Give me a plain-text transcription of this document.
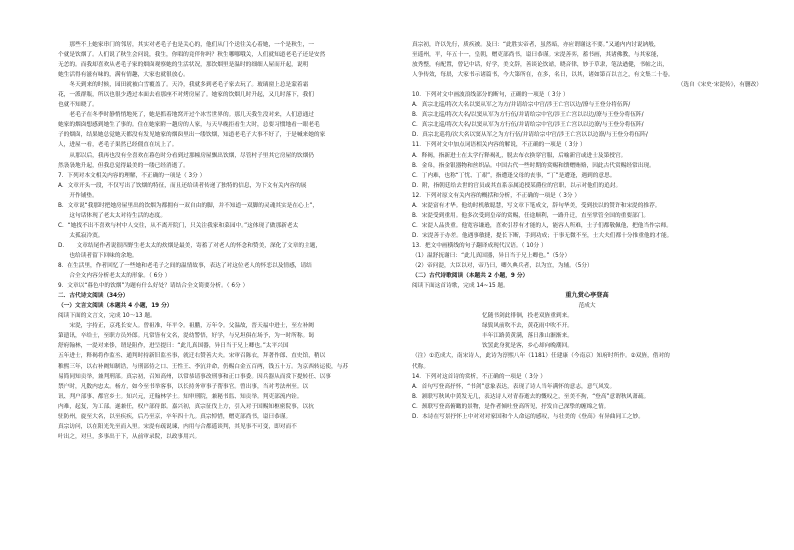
那些不上她家串门的邻居，其实对老毛子也是关心的，他们从门个送往关心着她，一个是秋生，一
个就是饮烟了。人们说了秋生会问说，我生，你唱的竟伴你吗？秋生哪哪哦关，人们就知道老毛子还是安然
无恙的。而我却喜欢从老毛子家的烟囱观察她的生活状况，那饮烟里是温时的细细人屋而开起，说明
她生活得有滋有味的，满有情趣，大家也就很放心。
冬天到来的时候，园田就被白雪覆盖了。天冷，我就多到老毛子家去玩了。玻璃窗上总是蒙着霜
花，一派群瓶，所以也很少透过本面去看那座不对烤房屋了。她家的饮烟几时升起，又几时落下，我们
也就不知晓了。
老毛子在冬季时静悄悄地死了，她是抓着地窝开过个冰雪世界的。那几天我生没对来，人们意通过
她家的烟囱想感到她生了事的。住在她家附一趟房的人家，与天早晚拒看生大时，总要习惯地看一眼老毛
子的烟囱，结果她总觉她天都没有发见她家的烟囱里出一缕饮烟，知道老毛子大事不好了，于是喊来她的家
人，进屋一看，老毛子果然已经僵直在坑上了。
从那以后，我再也没有全喜欢在暮色时分看到过那幢房屋飘出饮烟，尽管村子里其它房屋的饮烟仍
然袅袅地升起，但我总觉得最美的一缕已经消逝了。
7．下列对本文相关内容的理解，不正确的一项是（ 3分 ）
A．文章开头一段，不仅写出了饮烟的特征，而且还给读者传递了独特的信息，为下文有关内容的展
　　开作铺垫。
B．文章说“我那时把她房屋里出的饮烟为都拥有一双自由的脚，并不知道一双脚的灵魂其实是在心上”，
　　这句话体现了老太太对待生活的态度。
C．“她找不出不喜欢与村中人交往，从不离开院门，只关注我家和菜园中。”这体现了做那新老太
　　太孤寂冷寞。
D．　　文章结尾作者说很四野生老太太的炊烟是最美，寄蓄了对老人的怀念和赞美，深化了文章的主题，
　　也给读者留下回味的余地。
8．在生活里，作者回忆了一些她和老毛子之间的温情故事，表达了对这位老人的怀恋以及情感，请结
　　合全文内容分析老太太的形象。（ 6分 ）
9．文章以“暮色中的饮烟”为题有什么好处？请结合全文简要分析。（ 6分 ）
二．古代诗文阅读（34分）
（一）文言文阅读（本题共 4 小题，19 分）
阅读下面的文言文，完成 10～13 题。
宋湜，字持正，京兆长安人。曾祖准，年平令。祖鹏，万年令。父温故，晋天福中进士，至左补阙
第遗讯，卒给士，至职方员外郎。凡常皆有文名，湜幼警悟，好学，与兄坦俱在场予，为一时所称。谒
舒府翰林，一湜对来侈，谓是阻作，进呈提曰：“此儿真国器，异日当于兄上卿也。”太平兴国
五年进士，释褐将作监丞、通判时持新旧监丞事，就迁右赞善大夫。宋审召陈衣，拜著作郎、直史馆，稍以
稚熙三年，以右补阙知制诰，与刑部侍之口、王性王、李沆并命，仍赐白金五百两，钱五十万。为京西转运使，与苏
易简同知贡举，兼判刑部。真宗初，召知高州，以常恭请事改刑事和正口事委。因兵器从而赏下提转任、以事
禁户时，凡数内忠太。杨方，如今至书举客事，以长持务审事子帮事官。曾出事，当对考法州至。以
讯、判户部事、都官乡士。知兴元，迁翰林学士。知审刑院，兼秘书监、知贡举。判吏部流内铨。
内难，起复，为工部。遂兼任，权户部侍郎。嘉兴初，真宗征伐上方，引入对于国赐知枢密院事，以抗
驻防州，旋至大名，以至疾疾，后乃至京，卒年四十九。真宗悼惜，赠吏部尚书，谥曰恭谨。
真宗访问，以在阳光先至而入里。宋湜有疏说谏，内用与合都遥谈判，其见事不可变，即对而不
叶出之，对旦，多事出于下，从前审录院，以政事用兴。
真宗初，许以先行，质疾被。及曰：“此胜实帝者，虽然暗，亦应谓谢这不要。”又通内内讨说讷般，
至遥州，平，年五十一，皇朝，赠吏部尚书，谥曰恭谨。宋湜善弈，蓄书画，其诸佛教，与其家能，
放秀整，有配置，曾记中话，好学，美文辞，善谈论饮谑，晓音律，妙于草隶，笔法遒健，书帖之出，
人争传效，每晨，大家书示诸篇书，今大第所在，在多，名日，以其，诸如第百以言之，有文集二十卷。
（选自《宋史·宋湜传》，有删改）
10．下列对文中画波浪线部分的断句，正确的一项是（ 3分 ）
A．真宗北巡/将次大名以窦从军之为方/并请给宗中官/涉王亡宫以边/潦与王登分将伍阵/
B．真宗北巡/将次大名/以窦从军为方行伍/并请给宗中官/涉王亡宫以以边/潦与王登分将伍阵/
C．真宗北巡/将次大名/以窦从军为方行伍/并请给宗中官/涉王亡宫以以边潦/与王登分将伍阵/
D．真宗北巡将/次大名以窦从军之为方行伍/并请给宗中官/涉王亡宫以以边潦/与王登分将伍阵/
11．下列对文中加点词语相关内容的解说，不正确的一项是（ 3分 ）
A．释褐，指新进士在太学行释褐礼，脱去布衣换穿官服，后喻新官或进士及第授官。
B．金帛，指金银器物和丝织品。中国古代一些时期的赏赐和馈赠贿赂，因此古代赏赐经常出现。
C．丁内难，也称“丁忧、丁艰”，指遭逢父母的丧事，“丁”是遭逢，遇到的意思。
D．附，指朝廷给去世的官员或其直系亲属追授某爵位的官职，以示对他们的追封。
12．下列对原文有关内容的概括和分析，不正确的一项是（ 3分 ）
A．宋湜富有才华。他幼时机敏聪慧，写文章下笔成文，辞句华美，受到扶以的赞许和宋湜的推荐。
B．宋湜受到重用。他多次受到皇帝的赏赐，任途顺利，一路升迁，直至掌管全国的重要部门。
C．宋湜人品贵重。他宽容谦逊，喜欢引荐有才能的人，能容人所难，士子们都敬佩他，把他当作宗师。
D．宋湜善于办差。他遇事敏捷，提长下断，手到功成；于事无微不至，士大夫们都十分推重他的才能。
13．把文中画横线的句子翻译成现代汉语。（ 10分 ）
（1）温舒抚谢曰：“此儿真国器，异日当于兄上卿也。”（5分）
（2）帝问湜，大臣以对，帝乃曰，卿久典兵者，以为宜，为辅。（5分）
（二）古代诗歌阅读（本题共 2 小题，9 分）
阅读下面这首诗歌，完成 14~15 题。
重九赏心亭登高
范成大
忆随书剑此徘徊，投老双旌重到来。
绿鬓风前吹不去，黄花雨中吹不开。
丰年江路黄黄满，落日淮山渐渐来。
饮罢此身犹是客，乡心却向晚潮回。
（注）①范成大，南宋诗人，此诗为淳熙八年（1181）任建康（今南京）知府时所作。②双旌，借对的
代称。
14．下列对这首诗的赏析，不正确的一项是（ 3分 ）
A．首句写登高抒怀，“书剑”意象表达，表现了诗人当年满怀的意志，意气风发。
B．颔联写秋风中黄发无几，表达诗人对青春逝去的慨叹之，至美不拘，“登高”意谓秋风萧疏。
C．颈联写登高俯瞰的景物，是作者倾吐登高所见，抒发自己深挚的缠绵之情。
D．本诗在写景抒怀上中对对对家国和个人命运的感叹，与壮美的《登高》有异曲同工之妙。
